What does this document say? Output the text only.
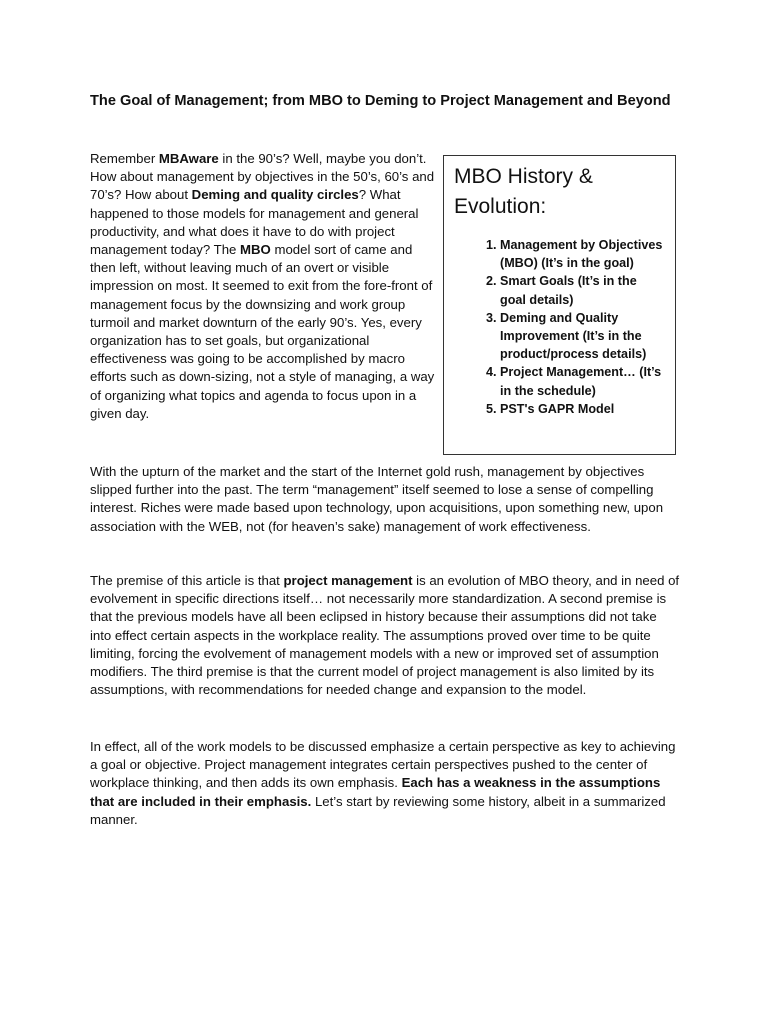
The Goal of Management; from MBO to Deming to Project Management and Beyond

Remember MBAware in the 90’s? Well, maybe you don’t. How about management by objectives in the 50’s, 60’s and 70’s? How about Deming and quality circles? What happened to those models for management and general productivity, and what does it have to do with project management today? The MBO model sort of came and then left, without leaving much of an overt or visible impression on most. It seemed to exit from the fore-front of management focus by the downsizing and work group turmoil and market downturn of the early 90’s. Yes, every organization has to set goals, but organizational effectiveness was going to be accomplished by macro efforts such as down-sizing, not a style of managing, a way of organizing what topics and agenda to focus upon in a given day.

MBO History & Evolution:
1. Management by Objectives (MBO) (It’s in the goal)
2. Smart Goals (It’s in the goal details)
3. Deming and Quality Improvement (It’s in the product/process details)
4. Project Management… (It’s in the schedule)
5. PST's GAPR Model

With the upturn of the market and the start of the Internet gold rush, management by objectives slipped further into the past. The term “management” itself seemed to lose a sense of compelling interest. Riches were made based upon technology, upon acquisitions, upon something new, upon association with the WEB, not (for heaven’s sake) management of work effectiveness.

The premise of this article is that project management is an evolution of MBO theory, and in need of evolvement in specific directions itself… not necessarily more standardization. A second premise is that the previous models have all been eclipsed in history because their assumptions did not take into effect certain aspects in the workplace reality. The assumptions proved over time to be quite limiting, forcing the evolvement of management models with a new or improved set of assumption modifiers. The third premise is that the current model of project management is also limited by its assumptions, with recommendations for needed change and expansion to the model.

In effect, all of the work models to be discussed emphasize a certain perspective as key to achieving a goal or objective. Project management integrates certain perspectives pushed to the center of workplace thinking, and then adds its own emphasis. Each has a weakness in the assumptions that are included in their emphasis. Let’s start by reviewing some history, albeit in a summarized manner.
